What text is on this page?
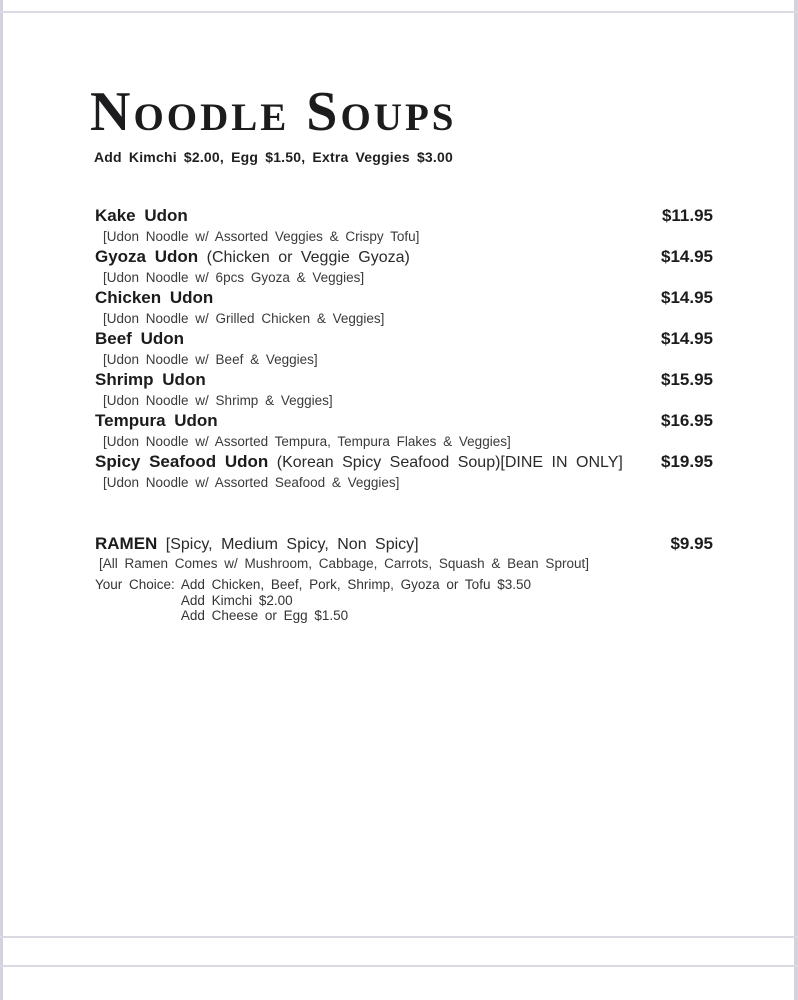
Noodle Soups
Add Kimchi $2.00, Egg $1.50, Extra Veggies $3.00
Kake Udon	$11.95
[Udon Noodle w/ Assorted Veggies & Crispy Tofu]
Gyoza Udon (Chicken or Veggie Gyoza)	$14.95
[Udon Noodle w/ 6pcs Gyoza & Veggies]
Chicken Udon	$14.95
[Udon Noodle w/ Grilled Chicken & Veggies]
Beef Udon	$14.95
[Udon Noodle w/ Beef & Veggies]
Shrimp Udon	$15.95
[Udon Noodle w/ Shrimp & Veggies]
Tempura Udon	$16.95
[Udon Noodle w/ Assorted Tempura, Tempura Flakes & Veggies]
Spicy Seafood Udon (Korean Spicy Seafood Soup)[DINE IN ONLY] $19.95
[Udon Noodle w/ Assorted Seafood & Veggies]
RAMEN [Spicy, Medium Spicy, Non Spicy]
[All Ramen Comes w/ Mushroom, Cabbage, Carrots, Squash & Bean Sprout]
$9.95
Your Choice: Add Chicken, Beef, Pork, Shrimp, Gyoza or Tofu $3.50
Add Kimchi $2.00
Add Cheese or Egg $1.50
